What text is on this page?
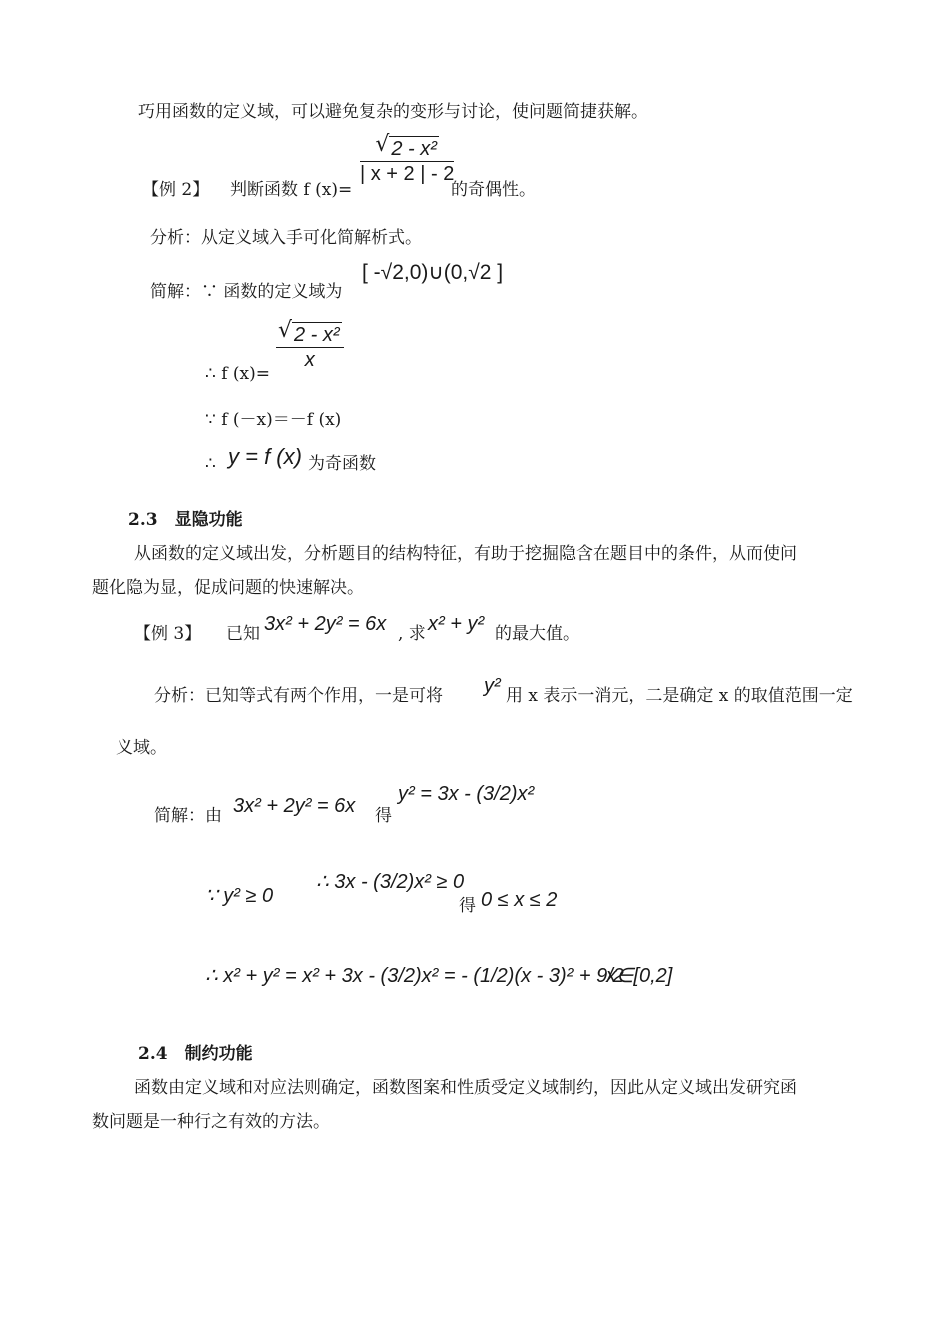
巧用函数的定义域，可以避免复杂的变形与讨论，使问题简捷获解。
【例 2】 判断函数 f (x)=
$\frac{\text{√ 2 - x²}}{| x + 2 | - 2}$
的奇偶性。
分析：从定义域入手可化简解析式。
简解：∵ 函数的定义域为
[ -√2,0)∪(0,√2 ]
∴ f (x)=
$\frac{\text{√ 2 - x²}}{x}$
∵ f (－x)＝－f (x)
∴ y = f (x) 为奇函数
2.3　显隐功能
从函数的定义域出发，分析题目的结构特征，有助于挖掘隐含在题目中的条件，从而使问
题化隐为显，促成问题的快速解决。
【例 3】 已知 3x² + 2y² = 6x , 求 x² + y² 的最大值。
分析：已知等式有两个作用，一是可将 y² 用 x 表示一消元，二是确定 x 的取值范围一定
义域。
简解：由 3x² + 2y² = 6x 得
y² = 3x - (3/2)x²
∵ y² ≥ 0
∴ 3x - (3/2)x² ≥ 0
得 0 ≤ x ≤ 2
∴ x² + y² = x² + 3x - (3/2)x² = - (1/2)(x - 3)² + 9/2
x∈[0,2]
2.4　制约功能
函数由定义域和对应法则确定，函数图案和性质受定义域制约，因此从定义域出发研究函
数问题是一种行之有效的方法。
